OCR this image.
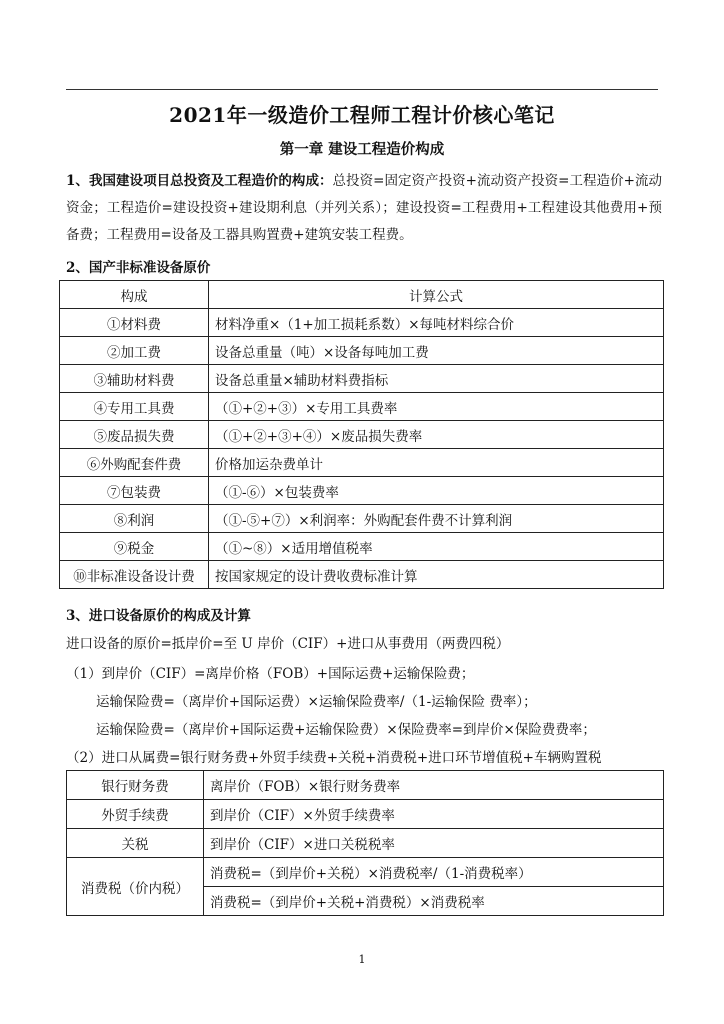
2021年一级造价工程师工程计价核心笔记
第一章 建设工程造价构成
1、我国建设项目总投资及工程造价的构成：总投资=固定资产投资+流动资产投资=工程造价+流动资金；工程造价=建设投资+建设期利息（并列关系）；建设投资=工程费用+工程建设其他费用+预备费；工程费用=设备及工器具购置费+建筑安装工程费。
2、国产非标准设备原价
构成	计算公式
①材料费	材料净重×（1+加工损耗系数）×每吨材料综合价
②加工费	设备总重量（吨）×设备每吨加工费
③辅助材料费	设备总重量×辅助材料费指标
④专用工具费	（①+②+③）×专用工具费率
⑤废品损失费	（①+②+③+④）×废品损失费率
⑥外购配套件费	价格加运杂费单计
⑦包装费	（①-⑥）×包装费率
⑧利润	（①-⑤+⑦）×利润率：外购配套件费不计算利润
⑨税金	（①~⑧）×适用增值税率
⑩非标准设备设计费	按国家规定的设计费收费标准计算
3、进口设备原价的构成及计算
进口设备的原价=抵岸价=至 U 岸价（CIF）+进口从事费用（两费四税）
（1）到岸价（CIF）=离岸价格（FOB）+国际运费+运输保险费；
运输保险费=（离岸价+国际运费）×运输保险费率/（1-运输保险 费率）；
运输保险费=（离岸价+国际运费+运输保险费）×保险费率=到岸价×保险费费率；
（2）进口从属费=银行财务费+外贸手续费+关税+消费税+进口环节增值税+车辆购置税
银行财务费	离岸价（FOB）×银行财务费率
外贸手续费	到岸价（CIF）×外贸手续费率
关税	到岸价（CIF）×进口关税税率
消费税（价内税）	消费税=（到岸价+关税）×消费税率/（1-消费税率）
	消费税=（到岸价+关税+消费税）×消费税率
1
